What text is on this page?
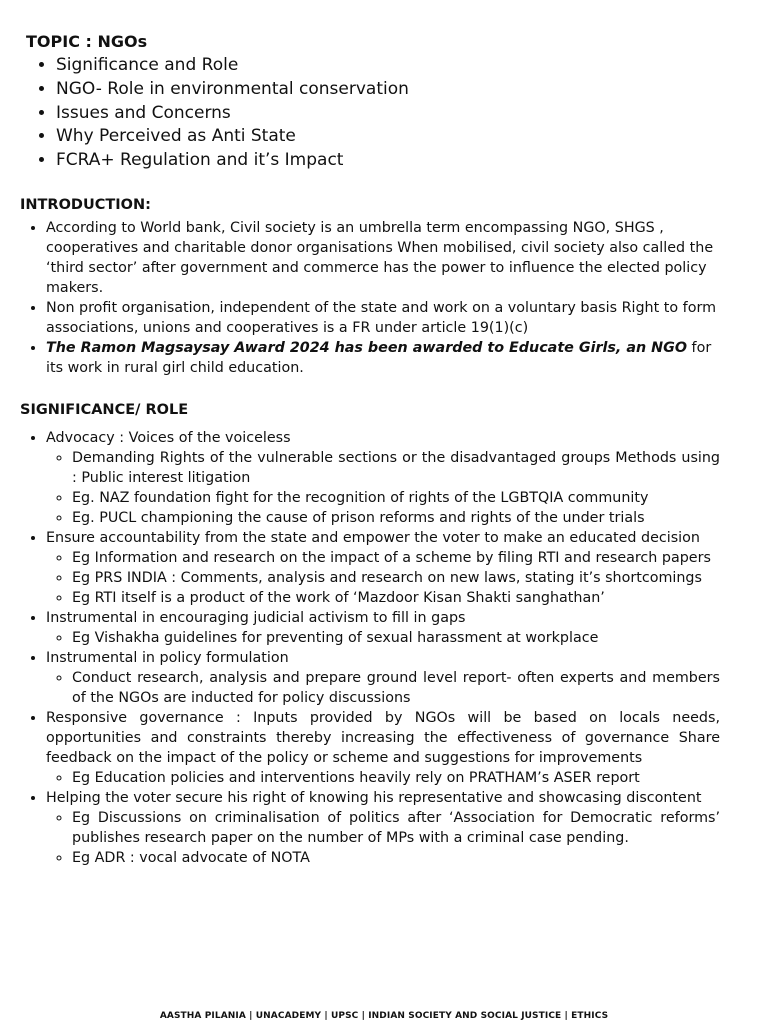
TOPIC : NGOs
• Significance and Role
• NGO- Role in environmental conservation
• Issues and Concerns
• Why Perceived as Anti State
• FCRA+ Regulation and it’s Impact
INTRODUCTION:
• According to World bank, Civil society is an umbrella term encompassing NGO, SHGS , cooperatives and charitable donor organisations When mobilised, civil society also called the ‘third sector’ after government and commerce has the power to influence the elected policy makers.
• Non profit organisation, independent of the state and work on a voluntary basis Right to form associations, unions and cooperatives is a FR under article 19(1)(c)
• The Ramon Magsaysay Award 2024 has been awarded to Educate Girls, an NGO for its work in rural girl child education.
SIGNIFICANCE/ ROLE
• Advocacy : Voices of the voiceless
◦ Demanding Rights of the vulnerable sections or the disadvantaged groups Methods using : Public interest litigation
◦ Eg. NAZ foundation fight for the recognition of rights of the LGBTQIA community
◦ Eg. PUCL championing the cause of prison reforms and rights of the under trials
• Ensure accountability from the state and empower the voter to make an educated decision
◦ Eg Information and research on the impact of a scheme by filing RTI and research papers
◦ Eg PRS INDIA : Comments, analysis and research on new laws, stating it’s shortcomings
◦ Eg RTI itself is a product of the work of ‘Mazdoor Kisan Shakti sanghathan’
• Instrumental in encouraging judicial activism to fill in gaps
◦ Eg Vishakha guidelines for preventing of sexual harassment at workplace
• Instrumental in policy formulation
◦ Conduct research, analysis and prepare ground level report- often experts and members of the NGOs are inducted for policy discussions
• Responsive governance : Inputs provided by NGOs will be based on locals needs, opportunities and constraints thereby increasing the effectiveness of governance Share feedback on the impact of the policy or scheme and suggestions for improvements
◦ Eg Education policies and interventions heavily rely on PRATHAM’s ASER report
• Helping the voter secure his right of knowing his representative and showcasing discontent
◦ Eg Discussions on criminalisation of politics after ‘Association for Democratic reforms’ publishes research paper on the number of MPs with a criminal case pending.
◦ Eg ADR : vocal advocate of NOTA
AASTHA PILANIA | UNACADEMY | UPSC | INDIAN SOCIETY AND SOCIAL JUSTICE | ETHICS
